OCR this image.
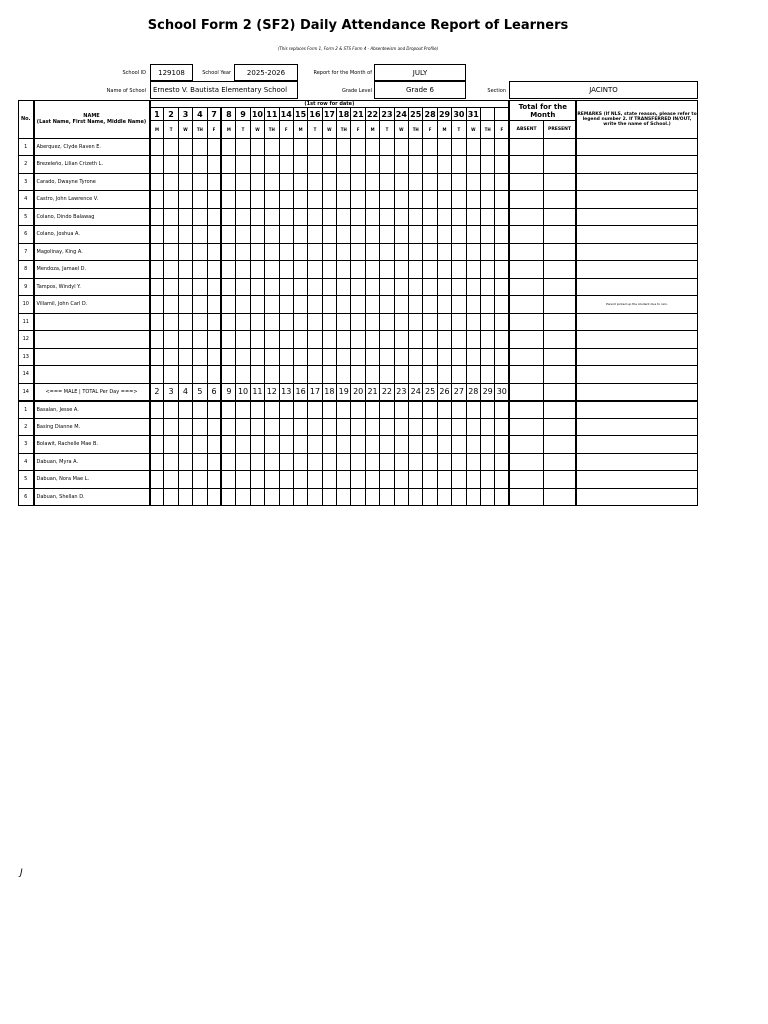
School Form 2 (SF2) Daily Attendance Report of Learners
(This replaces Form 1, Form 2 & STS Form 4 - Absenteeism and Dropout Profile)
School ID	129108	School Year	2025-2026	Report for the Month of	JULY
Name of School	Ernesto V. Bautista Elementary School	Grade Level	Grade 6	Section	JACINTO
No.	NAME
(Last Name, First Name, Middle Name)	(1st row for date)																									Total for the Month		REMARKS (If NLS, state reason, please refer to legend number 2. If TRANSFERRED IN/OUT, write the name of School.)
		1	2	3	4	7	8	9	10	11	14	15	16	17	18	21	22	23	24	25	28	29	30	31					
		M	T	W	TH	F	M	T	W	TH	F	M	T	W	TH	F	M	T	W	TH	F	M	T	W	TH	F	ABSENT	PRESENT	
1	Aberquez, Clyde Raven E.																												
2	Brezeleño, Lilian Crizeth L.																												
3	Carado, Dwayne Tyrone																												
4	Castro, John Lawrence V.																												
5	Colano, Dindo Balawag																												
6	Colano, Joshua A.																												
7	Magolinay, King A.																												
8	Mendoza, Jamael D.																												
9	Tampos, Windyl Y.																												
10	Villamil, John Carl D.																												Parent picked up the student due to rain.
11																													
12																													
13																													
14																													
14	<=== MALE | TOTAL Per Day ===>	2	3	4	5	6	9	10	11	12	13	16	17	18	19	20	21	22	23	24	25	26	27	28	29	30			
1	Basalan, Jesse A.																												
2	Basing Dianne M.																												
3	Bolawit, Rachelle Mae B.																												
4	Dabuan, Myra A.																												
5	Dabuan, Nora Mae L.																												
6	Dabuan, Shellan D.																												
J
